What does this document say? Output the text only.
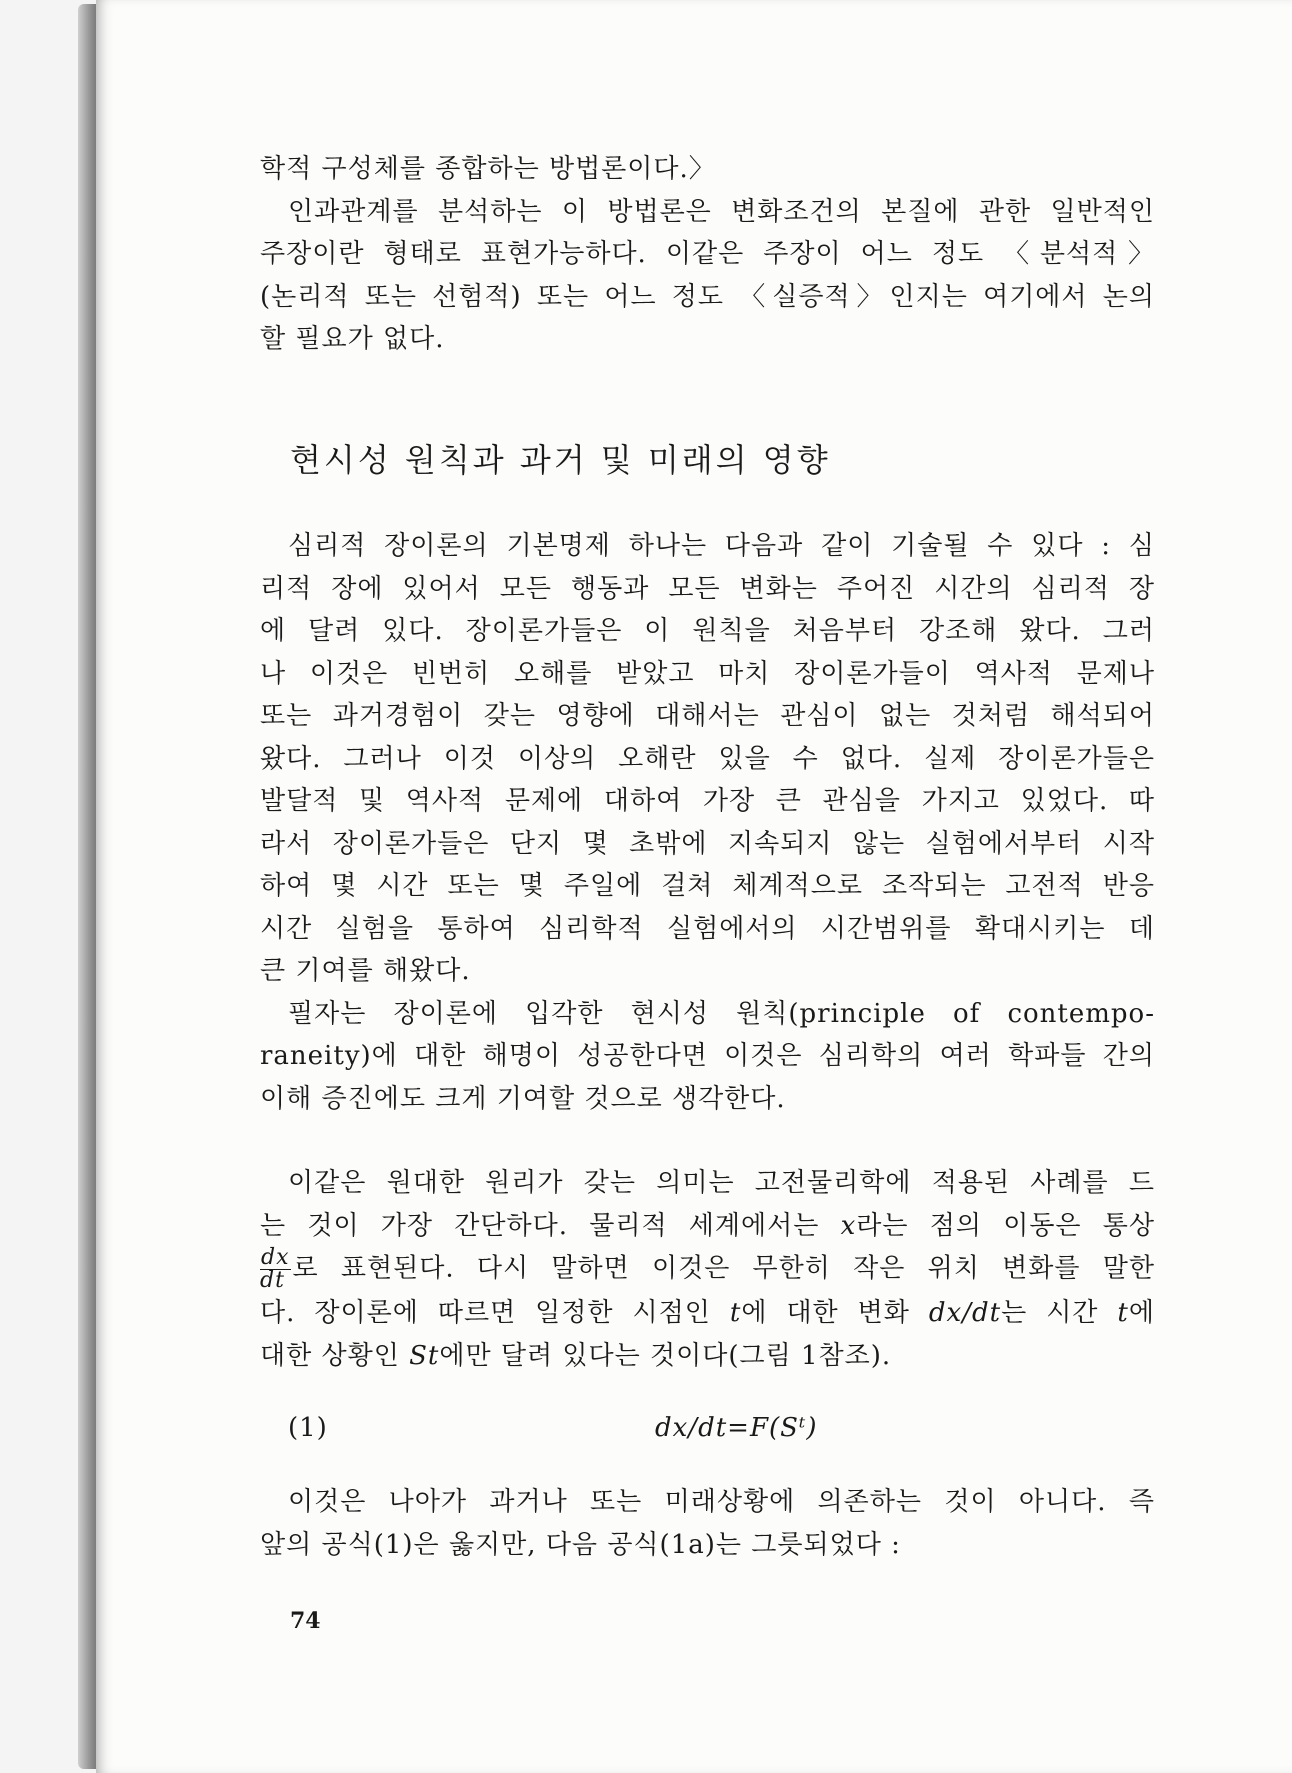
학적 구성체를 종합하는 방법론이다.〉

인과관계를 분석하는 이 방법론은 변화조건의 본질에 관한 일반적인

주장이란 형태로 표현가능하다. 이같은 주장이 어느 정도 〈분석적〉

(논리적 또는 선험적) 또는 어느 정도 〈실증적〉인지는 여기에서 논의

할 필요가 없다.

현시성 원칙과 과거 및 미래의 영향

심리적 장이론의 기본명제 하나는 다음과 같이 기술될 수 있다 : 심

리적 장에 있어서 모든 행동과 모든 변화는 주어진 시간의 심리적 장

에 달려 있다. 장이론가들은 이 원칙을 처음부터 강조해 왔다. 그러

나 이것은 빈번히 오해를 받았고 마치 장이론가들이 역사적 문제나

또는 과거경험이 갖는 영향에 대해서는 관심이 없는 것처럼 해석되어

왔다. 그러나 이것 이상의 오해란 있을 수 없다. 실제 장이론가들은

발달적 및 역사적 문제에 대하여 가장 큰 관심을 가지고 있었다. 따

라서 장이론가들은 단지 몇 초밖에 지속되지 않는 실험에서부터 시작

하여 몇 시간 또는 몇 주일에 걸쳐 체계적으로 조작되는 고전적 반응

시간 실험을 통하여 심리학적 실험에서의 시간범위를 확대시키는 데

큰 기여를 해왔다.

필자는 장이론에 입각한 현시성 원칙(principle of contempo-

raneity)에 대한 해명이 성공한다면 이것은 심리학의 여러 학파들 간의

이해 증진에도 크게 기여할 것으로 생각한다.

이같은 원대한 원리가 갖는 의미는 고전물리학에 적용된 사례를 드

는 것이 가장 간단하다. 물리적 세계에서는 x라는 점의 이동은 통상

$\frac{dx}{dt}$ 로 표현된다. 다시 말하면 이것은 무한히 작은 위치 변화를 말한

다. 장이론에 따르면 일정한 시점인 t에 대한 변화 dx/dt는 시간 t에

대한 상황인 St에만 달려 있다는 것이다(그림 1참조).

(1)	dx/dt=F(Sᵗ)

이것은 나아가 과거나 또는 미래상황에 의존하는 것이 아니다. 즉

앞의 공식(1)은 옳지만, 다음 공식(1a)는 그릇되었다 :

74
